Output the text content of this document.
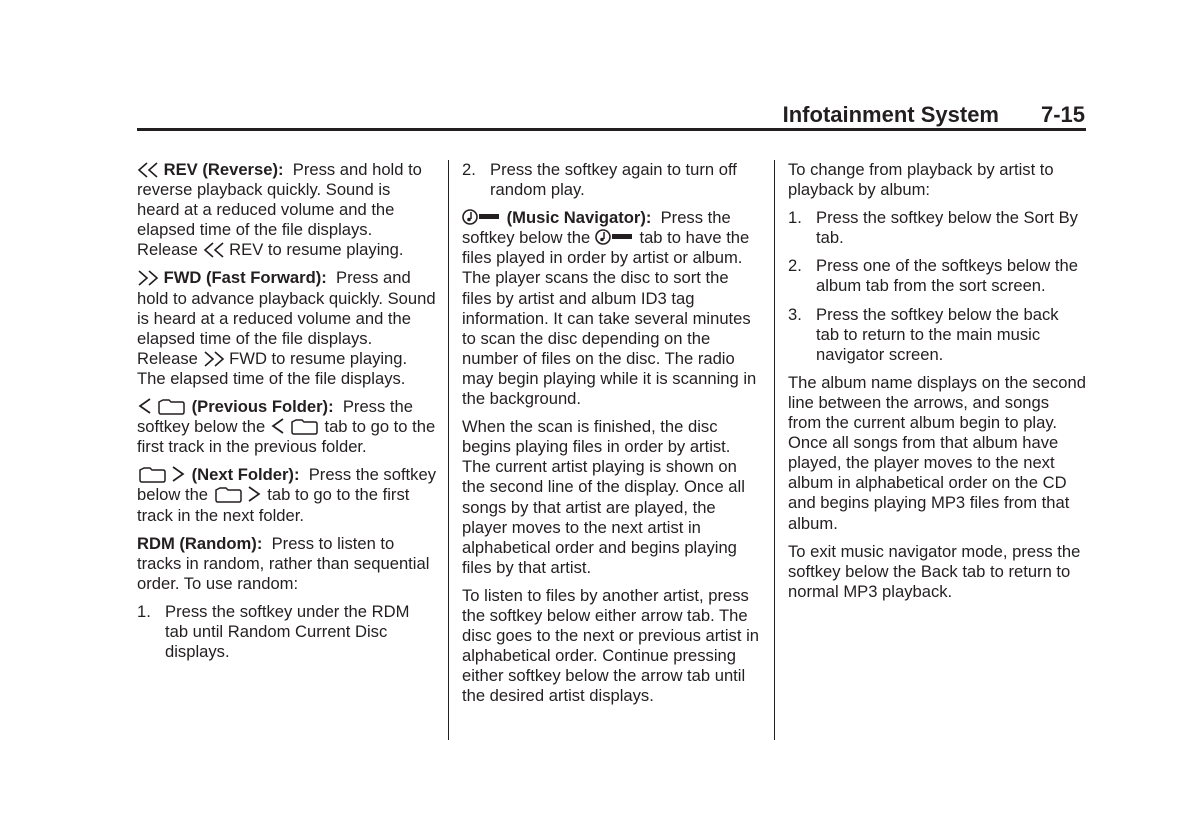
Infotainment System 7-15

REV (Reverse): Press and hold to reverse playback quickly. Sound is heard at a reduced volume and the elapsed time of the file displays. Release REV to resume playing.

FWD (Fast Forward): Press and hold to advance playback quickly. Sound is heard at a reduced volume and the elapsed time of the file displays. Release FWD to resume playing. The elapsed time of the file displays.

(Previous Folder): Press the softkey below the	tab to go to the first track in the previous folder.

(Next Folder): Press the softkey below the	tab to go to the first track in the next folder.

RDM (Random): Press to listen to tracks in random, rather than sequential order. To use random:

1. Press the softkey under the RDM tab until Random Current Disc displays.
2. Press the softkey again to turn off random play.

(Music Navigator): Press the softkey below the	tab to have the files played in order by artist or album. The player scans the disc to sort the files by artist and album ID3 tag information. It can take several minutes to scan the disc depending on the number of files on the disc. The radio may begin playing while it is scanning in the background.

When the scan is finished, the disc begins playing files in order by artist. The current artist playing is shown on the second line of the display. Once all songs by that artist are played, the player moves to the next artist in alphabetical order and begins playing files by that artist.

To listen to files by another artist, press the softkey below either arrow tab. The disc goes to the next or previous artist in alphabetical order. Continue pressing either softkey below the arrow tab until the desired artist displays.

To change from playback by artist to playback by album:

1. Press the softkey below the Sort By tab.
2. Press one of the softkeys below the album tab from the sort screen.
3. Press the softkey below the back tab to return to the main music navigator screen.

The album name displays on the second line between the arrows, and songs from the current album begin to play. Once all songs from that album have played, the player moves to the next album in alphabetical order on the CD and begins playing MP3 files from that album.

To exit music navigator mode, press the softkey below the Back tab to return to normal MP3 playback.
